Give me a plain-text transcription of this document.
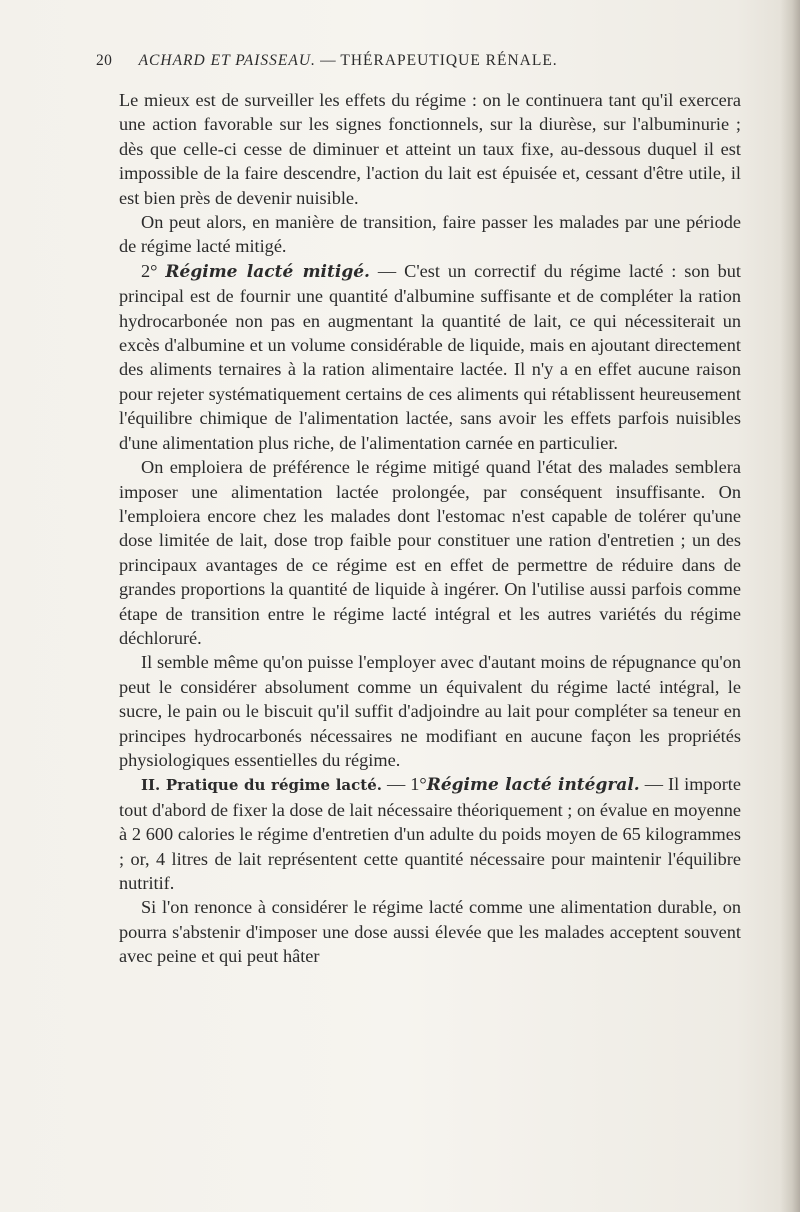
20 ACHARD ET PAISSEAU. — THÉRAPEUTIQUE RÉNALE.

Le mieux est de surveiller les effets du régime : on le continuera tant qu'il exercera une action favorable sur les signes fonctionnels, sur la diurèse, sur l'albuminurie ; dès que celle-ci cesse de diminuer et atteint un taux fixe, au-dessous duquel il est impossible de la faire descendre, l'action du lait est épuisée et, cessant d'être utile, il est bien près de devenir nuisible.

On peut alors, en manière de transition, faire passer les malades par une période de régime lacté mitigé.

2° Régime lacté mitigé. — C'est un correctif du régime lacté : son but principal est de fournir une quantité d'albumine suffisante et de compléter la ration hydrocarbonée non pas en augmentant la quantité de lait, ce qui nécessiterait un excès d'albumine et un volume considérable de liquide, mais en ajoutant directement des aliments ternaires à la ration alimentaire lactée. Il n'y a en effet aucune raison pour rejeter systématiquement certains de ces aliments qui rétablissent heureusement l'équilibre chimique de l'alimentation lactée, sans avoir les effets parfois nuisibles d'une alimentation plus riche, de l'alimentation carnée en particulier.

On emploiera de préférence le régime mitigé quand l'état des malades semblera imposer une alimentation lactée prolongée, par conséquent insuffisante. On l'emploiera encore chez les malades dont l'estomac n'est capable de tolérer qu'une dose limitée de lait, dose trop faible pour constituer une ration d'entretien ; un des principaux avantages de ce régime est en effet de permettre de réduire dans de grandes proportions la quantité de liquide à ingérer. On l'utilise aussi parfois comme étape de transition entre le régime lacté intégral et les autres variétés du régime déchloruré.

Il semble même qu'on puisse l'employer avec d'autant moins de répugnance qu'on peut le considérer absolument comme un équivalent du régime lacté intégral, le sucre, le pain ou le biscuit qu'il suffit d'adjoindre au lait pour compléter sa teneur en principes hydrocarbonés nécessaires ne modifiant en aucune façon les propriétés physiologiques essentielles du régime.

II. Pratique du régime lacté. — 1°Régime lacté intégral. — Il importe tout d'abord de fixer la dose de lait nécessaire théoriquement ; on évalue en moyenne à 2 600 calories le régime d'entretien d'un adulte du poids moyen de 65 kilogrammes ; or, 4 litres de lait représentent cette quantité nécessaire pour maintenir l'équilibre nutritif.

Si l'on renonce à considérer le régime lacté comme une alimentation durable, on pourra s'abstenir d'imposer une dose aussi élevée que les malades acceptent souvent avec peine et qui peut hâter
